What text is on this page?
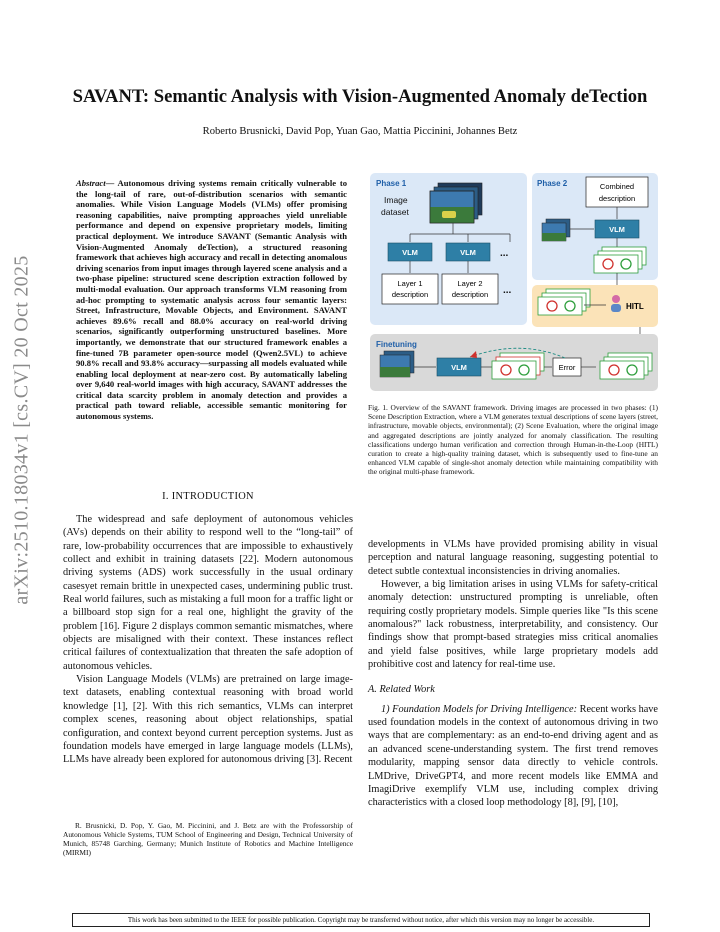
SAVANT: Semantic Analysis with Vision-Augmented Anomaly deTection
Roberto Brusnicki, David Pop, Yuan Gao, Mattia Piccinini, Johannes Betz
arXiv:2510.18034v1 [cs.CV] 20 Oct 2025
Abstract— Autonomous driving systems remain critically vulnerable to the long-tail of rare, out-of-distribution scenarios with semantic anomalies. While Vision Language Models (VLMs) offer promising reasoning capabilities, naive prompting approaches yield unreliable performance and depend on expensive proprietary models, limiting practical deployment. We introduce SAVANT (Semantic Analysis with Vision-Augmented Anomaly deTection), a structured reasoning framework that achieves high accuracy and recall in detecting anomalous driving scenarios from input images through layered scene analysis and a two-phase pipeline: structured scene description extraction followed by multi-modal evaluation. Our approach transforms VLM reasoning from ad-hoc prompting to systematic analysis across four semantic layers: Street, Infrastructure, Movable Objects, and Environment. SAVANT achieves 89.6% recall and 88.0% accuracy on real-world driving scenarios, significantly outperforming unstructured baselines. More importantly, we demonstrate that our structured framework enables a fine-tuned 7B parameter open-source model (Qwen2.5VL) to achieve 90.8% recall and 93.8% accuracy—surpassing all models evaluated while enabling local deployment at near-zero cost. By automatically labeling over 9,640 real-world images with high accuracy, SAVANT addresses the critical data scarcity problem in anomaly detection and provides a practical path toward reliable, accessible semantic monitoring for autonomous systems.
I. INTRODUCTION

The widespread and safe deployment of autonomous vehicles (AVs) depends on their ability to respond well to the “long-tail” of rare, low-probability occurrences that are impossible to exhaustively collect and exhibit in training datasets [22]. Modern autonomous driving systems (ADS) work successfully in the usual ordinary casesyet remain brittle in unexpected cases, undermining public trust. Real world failures, such as mistaking a full moon for a traffic light or a billboard stop sign for a real one, highlight the gravity of the problem [16]. Figure 2 displays common semantic mismatches, where objects are misaligned with their context. These instances reflect critical failures of contextualization that threaten the safe adoption of autonomous vehicles.

Vision Language Models (VLMs) are pretrained on large image-text datasets, enabling contextual reasoning with broad world knowledge [1], [2]. With this rich semantics, VLMs can interpret complex scenes, reasoning about object relationships, spatial configuration, and context beyond current perception systems. Just as foundation models have emerged in large language models (LLMs), LLMs have already been explored for autonomous driving [3]. Recent

R. Brusnicki, D. Pop, Y. Gao, M. Piccinini, and J. Betz are with the Professorship of Autonomous Vehicle Systems, TUM School of Engineering and Design, Technical University of Munich, 85748 Garching, Germany; Munich Institute of Robotics and Machine Intelligence (MIRMI)
Phase 1
Image
dataset
VLM	VLM ...
Layer 1
description
Layer 2
description ...
Phase 2	Combined
description
VLM
HITL
Finetuning
VLM	Error
Fig. 1. Overview of the SAVANT framework. Driving images are processed in two phases: (1) Scene Description Extraction, where a VLM generates textual descriptions of scene layers (street, infrastructure, movable objects, environmental); (2) Scene Evaluation, where the original image and aggregated descriptions are jointly analyzed for anomaly classification. The resulting classifications undergo human verification and correction through Human-in-the-Loop (HITL) curation to create a high-quality training dataset, which is subsequently used to fine-tune an enhanced VLM capable of single-shot anomaly detection while maintaining compatibility with the original multi-phase framework.

developments in VLMs have provided promising ability in visual perception and natural language reasoning, suggesting potential to detect subtle contextual inconsistencies in driving anomalies.

However, a big limitation arises in using VLMs for safety-critical anomaly detection: unstructured prompting is unreliable, often requiring costly proprietary models. Simple queries like "Is this scene anomalous?" lack robustness, interpretability, and consistency. Our findings show that prompt-based strategies miss critical anomalies and yield false positives, while large proprietary models add prohibitive cost and latency for real-time use.

A. Related Work

1) Foundation Models for Driving Intelligence: Recent works have used foundation models in the context of autonomous driving in two ways that are complementary: as an end-to-end driving agent and as an advanced scene-understanding system. The first trend removes modularity, mapping sensor data directly to vehicle controls. LMDrive, DriveGPT4, and more recent models like EMMA and ImagiDrive exemplify VLM use, including complex driving characteristics with a closed loop methodology [8], [9], [10],

This work has been submitted to the IEEE for possible publication. Copyright may be transferred without notice, after which this version may no longer be accessible.
